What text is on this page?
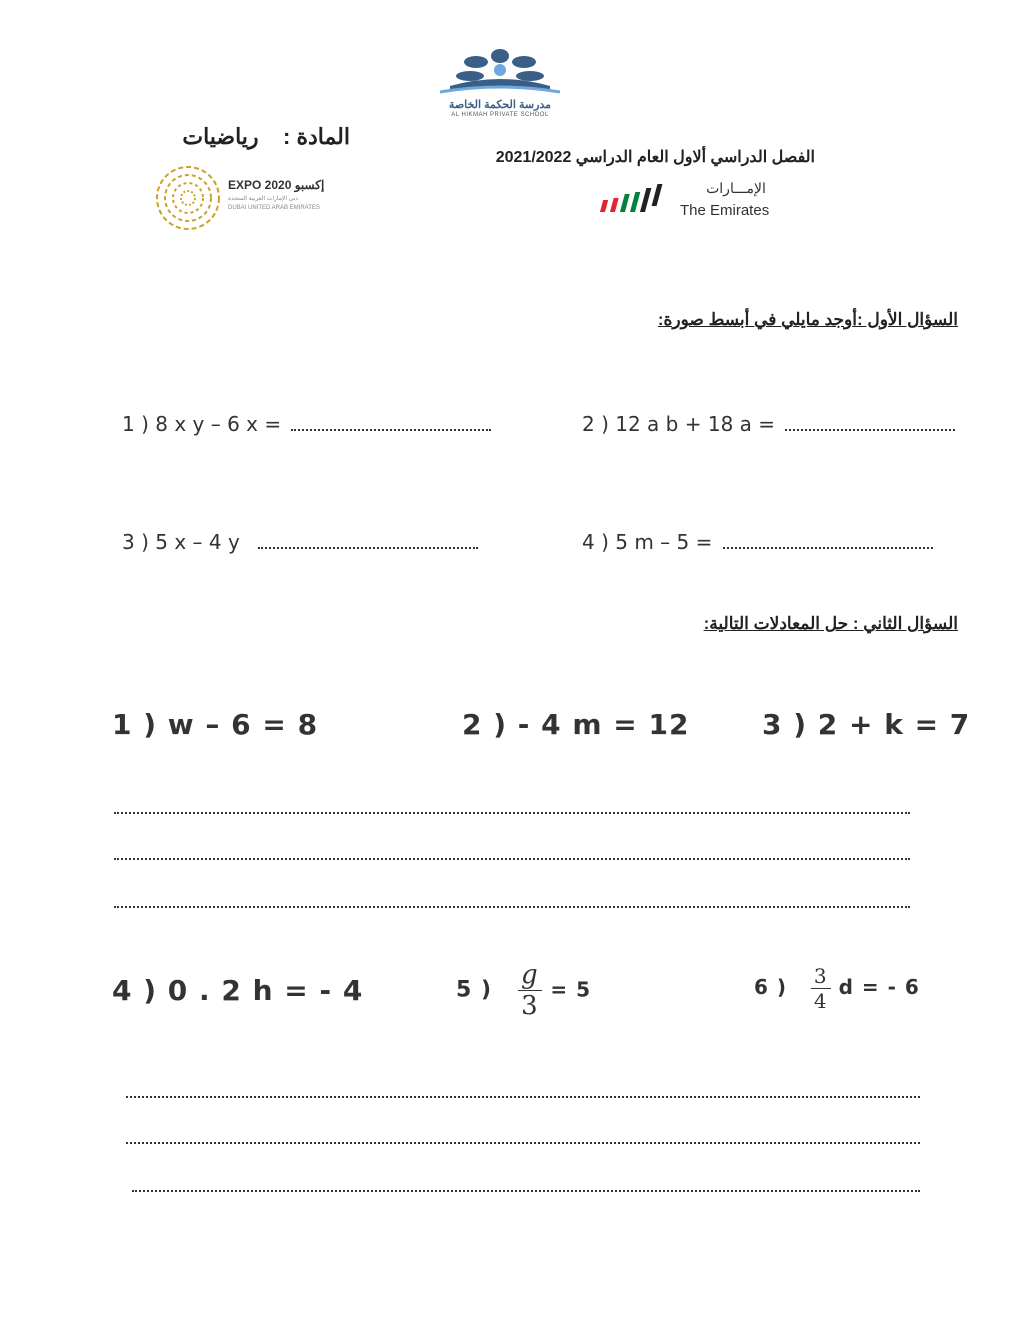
مدرسة الحكمة الخاصة
AL HIKMAH PRIVATE SCHOOL
المادة :    رياضيات
EXPO 2020 إكسبو
دبي الإمارات العربية المتحدة
DUBAI UNITED ARAB EMIRATES
الفصل الدراسي ألاول العام الدراسي 2021/2022
الإمـــارات
The Emirates
السؤال الأول :أوجد مايلي في أبسط صورة:
1 ) 8 x y – 6 x =	2 ) 12 a b + 18 a =
3 ) 5 x – 4 y	4 ) 5 m – 5 =
السؤال الثاني : حل المعادلات التالية:
1 ) w – 6 = 8	2 ) - 4 m = 12	3 ) 2 + k = 7
4 ) 0 . 2 h = - 4	5 ) $\frac{g}{3} = 5$	6 ) $\frac{3}{4}$ d = - 6
